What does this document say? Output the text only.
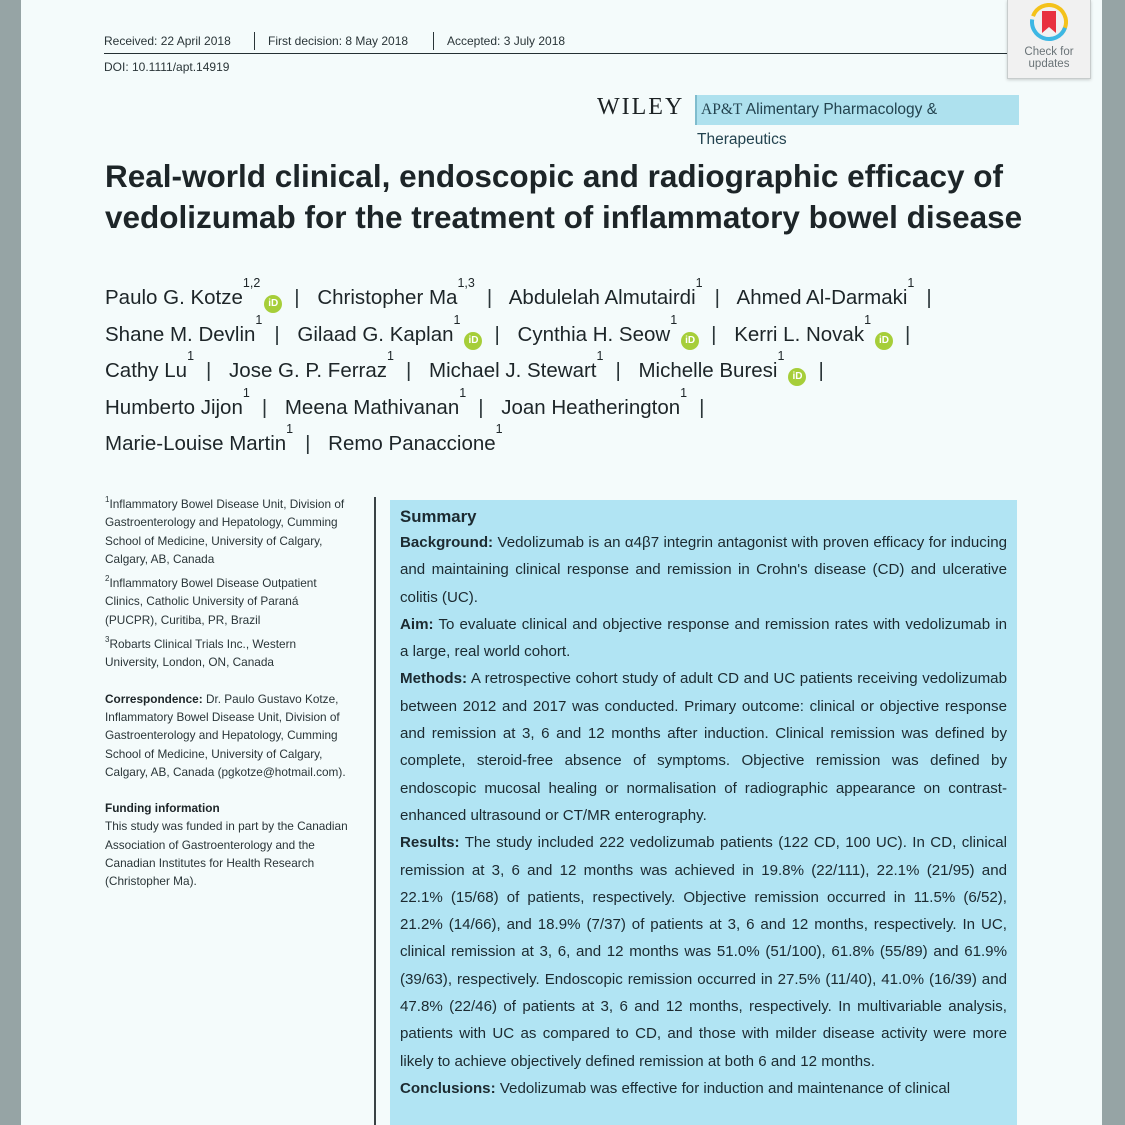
Received: 22 April 2018	First decision: 8 May 2018	Accepted: 3 July 2018
DOI: 10.1111/apt.14919
Check for
updates
WILEY	AP&T Alimentary Pharmacology & Therapeutics
Real-world clinical, endoscopic and radiographic efficacy of vedolizumab for the treatment of inflammatory bowel disease
Paulo G. Kotze$^{1,2}$iD | Christopher Ma$^{1,3}$| Abdulelah Almutairdi$^1$| Ahmed Al-Darmaki$^1$|
Shane M. Devlin$^1$| Gilaad G. Kaplan$^1$iD | Cynthia H. Seow$^1$iD | Kerri L. Novak$^1$iD |
Cathy Lu$^1$| Jose G. P. Ferraz$^1$| Michael J. Stewart$^1$| Michelle Buresi$^1$iD |
Humberto Jijon$^1$| Meena Mathivanan$^1$| Joan Heatherington$^1$|
Marie-Louise Martin$^1$| Remo Panaccione$^1$

$^1$Inflammatory Bowel Disease Unit, Division of Gastroenterology and Hepatology, Cumming School of Medicine, University of Calgary, Calgary, AB, Canada

$^2$Inflammatory Bowel Disease Outpatient Clinics, Catholic University of Paraná (PUCPR), Curitiba, PR, Brazil

$^3$Robarts Clinical Trials Inc., Western University, London, ON, Canada

Correspondence: Dr. Paulo Gustavo Kotze, Inflammatory Bowel Disease Unit, Division of Gastroenterology and Hepatology, Cumming School of Medicine, University of Calgary, Calgary, AB, Canada (pgkotze@hotmail.com).

Funding information
This study was funded in part by the Canadian Association of Gastroenterology and the Canadian Institutes for Health Research (Christopher Ma).

Summary

Background: Vedolizumab is an α4β7 integrin antagonist with proven efficacy for inducing and maintaining clinical response and remission in Crohn's disease (CD) and ulcerative colitis (UC).

Aim: To evaluate clinical and objective response and remission rates with vedolizumab in a large, real world cohort.

Methods: A retrospective cohort study of adult CD and UC patients receiving vedolizumab between 2012 and 2017 was conducted. Primary outcome: clinical or objective response and remission at 3, 6 and 12 months after induction. Clinical remission was defined by complete, steroid-free absence of symptoms. Objective remission was defined by endoscopic mucosal healing or normalisation of radiographic appearance on contrast-enhanced ultrasound or CT/MR enterography.

Results: The study included 222 vedolizumab patients (122 CD, 100 UC). In CD, clinical remission at 3, 6 and 12 months was achieved in 19.8% (22/111), 22.1% (21/95) and 22.1% (15/68) of patients, respectively. Objective remission occurred in 11.5% (6/52), 21.2% (14/66), and 18.9% (7/37) of patients at 3, 6 and 12 months, respectively. In UC, clinical remission at 3, 6, and 12 months was 51.0% (51/100), 61.8% (55/89) and 61.9% (39/63), respectively. Endoscopic remission occurred in 27.5% (11/40), 41.0% (16/39) and 47.8% (22/46) of patients at 3, 6 and 12 months, respectively. In multivariable analysis, patients with UC as compared to CD, and those with milder disease activity were more likely to achieve objectively defined remission at both 6 and 12 months.

Conclusions: Vedolizumab was effective for induction and maintenance of clinical
